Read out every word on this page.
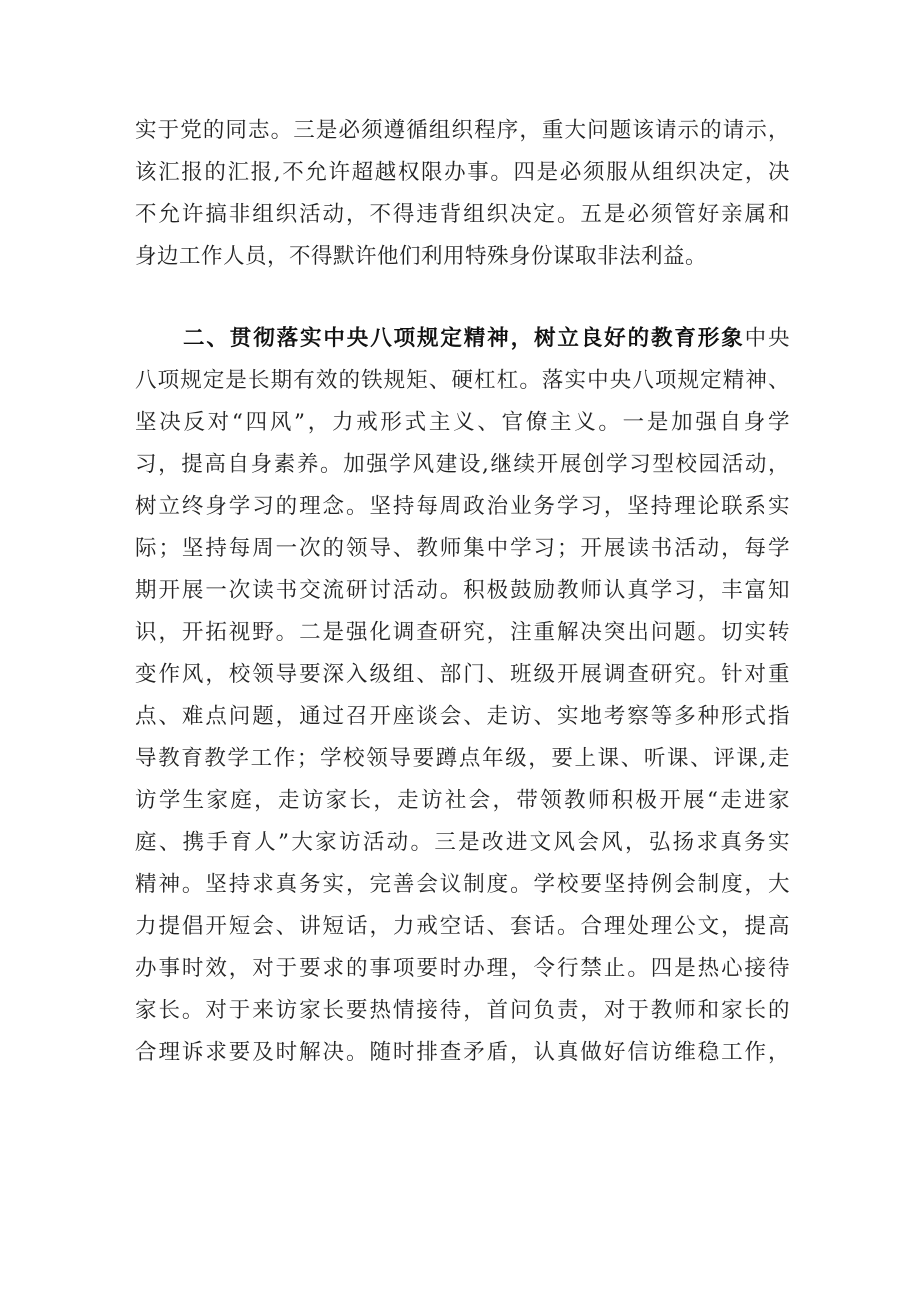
实于党的同志。三是必须遵循组织程序，重大问题该请示的请示，
该汇报的汇报,不允许超越权限办事。四是必须服从组织决定，决
不允许搞非组织活动，不得违背组织决定。五是必须管好亲属和
身边工作人员，不得默许他们利用特殊身份谋取非法利益。
二、贯彻落实中央八项规定精神，树立良好的教育形象中央
八项规定是长期有效的铁规矩、硬杠杠。落实中央八项规定精神、
坚决反对“四风”，力戒形式主义、官僚主义。一是加强自身学
习，提高自身素养。加强学风建设,继续开展创学习型校园活动，
树立终身学习的理念。坚持每周政治业务学习，坚持理论联系实
际；坚持每周一次的领导、教师集中学习；开展读书活动，每学
期开展一次读书交流研讨活动。积极鼓励教师认真学习，丰富知
识，开拓视野。二是强化调查研究，注重解决突出问题。切实转
变作风，校领导要深入级组、部门、班级开展调查研究。针对重
点、难点问题，通过召开座谈会、走访、实地考察等多种形式指
导教育教学工作；学校领导要蹲点年级，要上课、听课、评课,走
访学生家庭，走访家长，走访社会，带领教师积极开展“走进家
庭、携手育人”大家访活动。三是改进文风会风，弘扬求真务实
精神。坚持求真务实，完善会议制度。学校要坚持例会制度，大
力提倡开短会、讲短话，力戒空话、套话。合理处理公文，提高
办事时效，对于要求的事项要时办理，令行禁止。四是热心接待
家长。对于来访家长要热情接待，首问负责，对于教师和家长的
合理诉求要及时解决。随时排查矛盾，认真做好信访维稳工作，
